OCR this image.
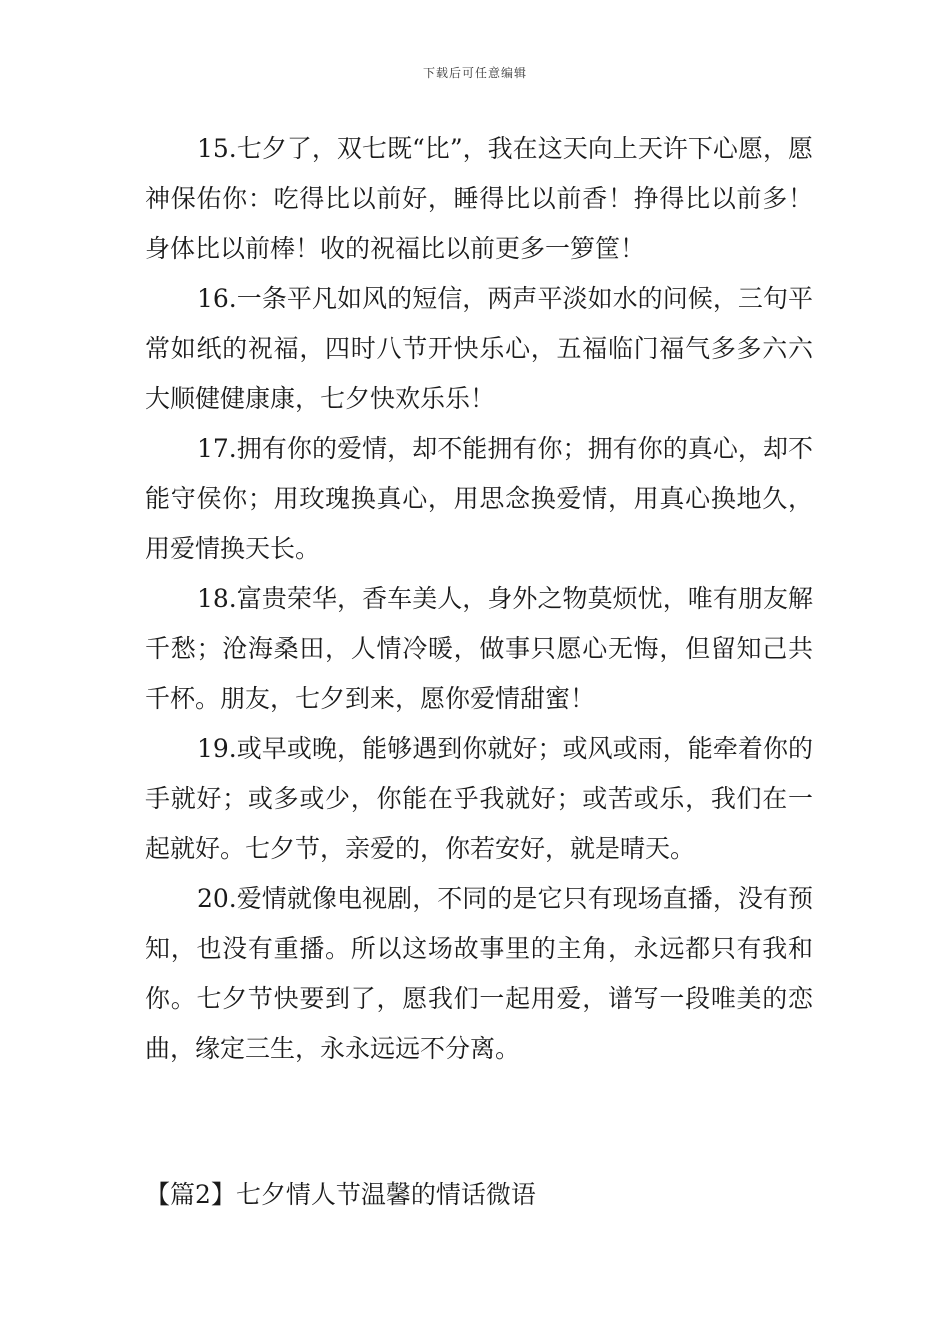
下载后可任意编辑

15.七夕了，双七既“比”，我在这天向上天许下心愿，愿神保佑你：吃得比以前好，睡得比以前香！挣得比以前多！身体比以前棒！收的祝福比以前更多一箩筐！

16.一条平凡如风的短信，两声平淡如水的问候，三句平常如纸的祝福，四时八节开快乐心，五福临门福气多多六六大顺健健康康，七夕快欢乐乐！

17.拥有你的爱情，却不能拥有你；拥有你的真心，却不能守侯你；用玫瑰换真心，用思念换爱情，用真心换地久，用爱情换天长。

18.富贵荣华，香车美人，身外之物莫烦忧，唯有朋友解千愁；沧海桑田，人情冷暖，做事只愿心无悔，但留知己共千杯。朋友，七夕到来，愿你爱情甜蜜！

19.或早或晚，能够遇到你就好；或风或雨，能牵着你的手就好；或多或少，你能在乎我就好；或苦或乐，我们在一起就好。七夕节，亲爱的，你若安好，就是晴天。

20.爱情就像电视剧，不同的是它只有现场直播，没有预知，也没有重播。所以这场故事里的主角，永远都只有我和你。七夕节快要到了，愿我们一起用爱，谱写一段唯美的恋曲，缘定三生，永永远远不分离。

【篇2】七夕情人节温馨的情话微语
